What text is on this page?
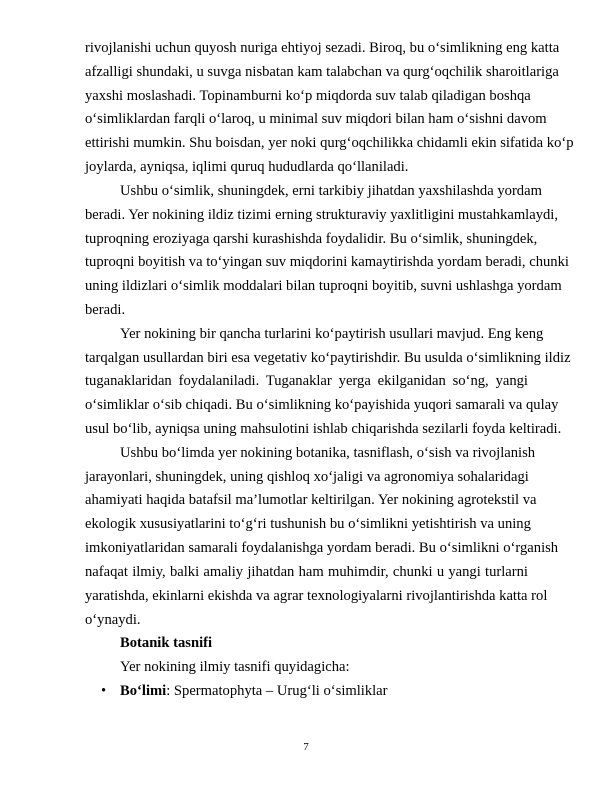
rivojlanishi uchun quyosh nuriga ehtiyoj sezadi. Biroq, bu o‘simlikning eng katta
afzalligi shundaki, u suvga nisbatan kam talabchan va qurg‘oqchilik sharoitlariga
yaxshi moslashadi. Topinamburni ko‘p miqdorda suv talab qiladigan boshqa
o‘simliklardan farqli o‘laroq, u minimal suv miqdori bilan ham o‘sishni davom
ettirishi mumkin. Shu boisdan, yer noki qurg‘oqchilikka chidamli ekin sifatida ko‘p
joylarda, ayniqsa, iqlimi quruq hududlarda qo‘llaniladi.
Ushbu o‘simlik, shuningdek, erni tarkibiy jihatdan yaxshilashda yordam
beradi. Yer nokining ildiz tizimi erning strukturaviy yaxlitligini mustahkamlaydi,
tuproqning eroziyaga qarshi kurashishda foydalidir. Bu o‘simlik, shuningdek,
tuproqni boyitish va to‘yingan suv miqdorini kamaytirishda yordam beradi, chunki
uning ildizlari o‘simlik moddalari bilan tuproqni boyitib, suvni ushlashga yordam
beradi.
Yer nokining bir qancha turlarini ko‘paytirish usullari mavjud. Eng keng
tarqalgan usullardan biri esa vegetativ ko‘paytirishdir. Bu usulda o‘simlikning ildiz
tuganaklaridan foydalaniladi. Tuganaklar yerga ekilganidan so‘ng, yangi
o‘simliklar o‘sib chiqadi. Bu o‘simlikning ko‘payishida yuqori samarali va qulay
usul bo‘lib, ayniqsa uning mahsulotini ishlab chiqarishda sezilarli foyda keltiradi.
Ushbu bo‘limda yer nokining botanika, tasniflash, o‘sish va rivojlanish
jarayonlari, shuningdek, uning qishloq xo‘jaligi va agronomiya sohalaridagi
ahamiyati haqida batafsil ma’lumotlar keltirilgan. Yer nokining agrotekstil va
ekologik xususiyatlarini to‘g‘ri tushunish bu o‘simlikni yetishtirish va uning
imkoniyatlaridan samarali foydalanishga yordam beradi. Bu o‘simlikni o‘rganish
nafaqat ilmiy, balki amaliy jihatdan ham muhimdir, chunki u yangi turlarni
yaratishda, ekinlarni ekishda va agrar texnologiyalarni rivojlantirishda katta rol
o‘ynaydi.
Botanik tasnifi
Yer nokining ilmiy tasnifi quyidagicha:
• Bo‘limi: Spermatophyta – Urug‘li o‘simliklar
7
